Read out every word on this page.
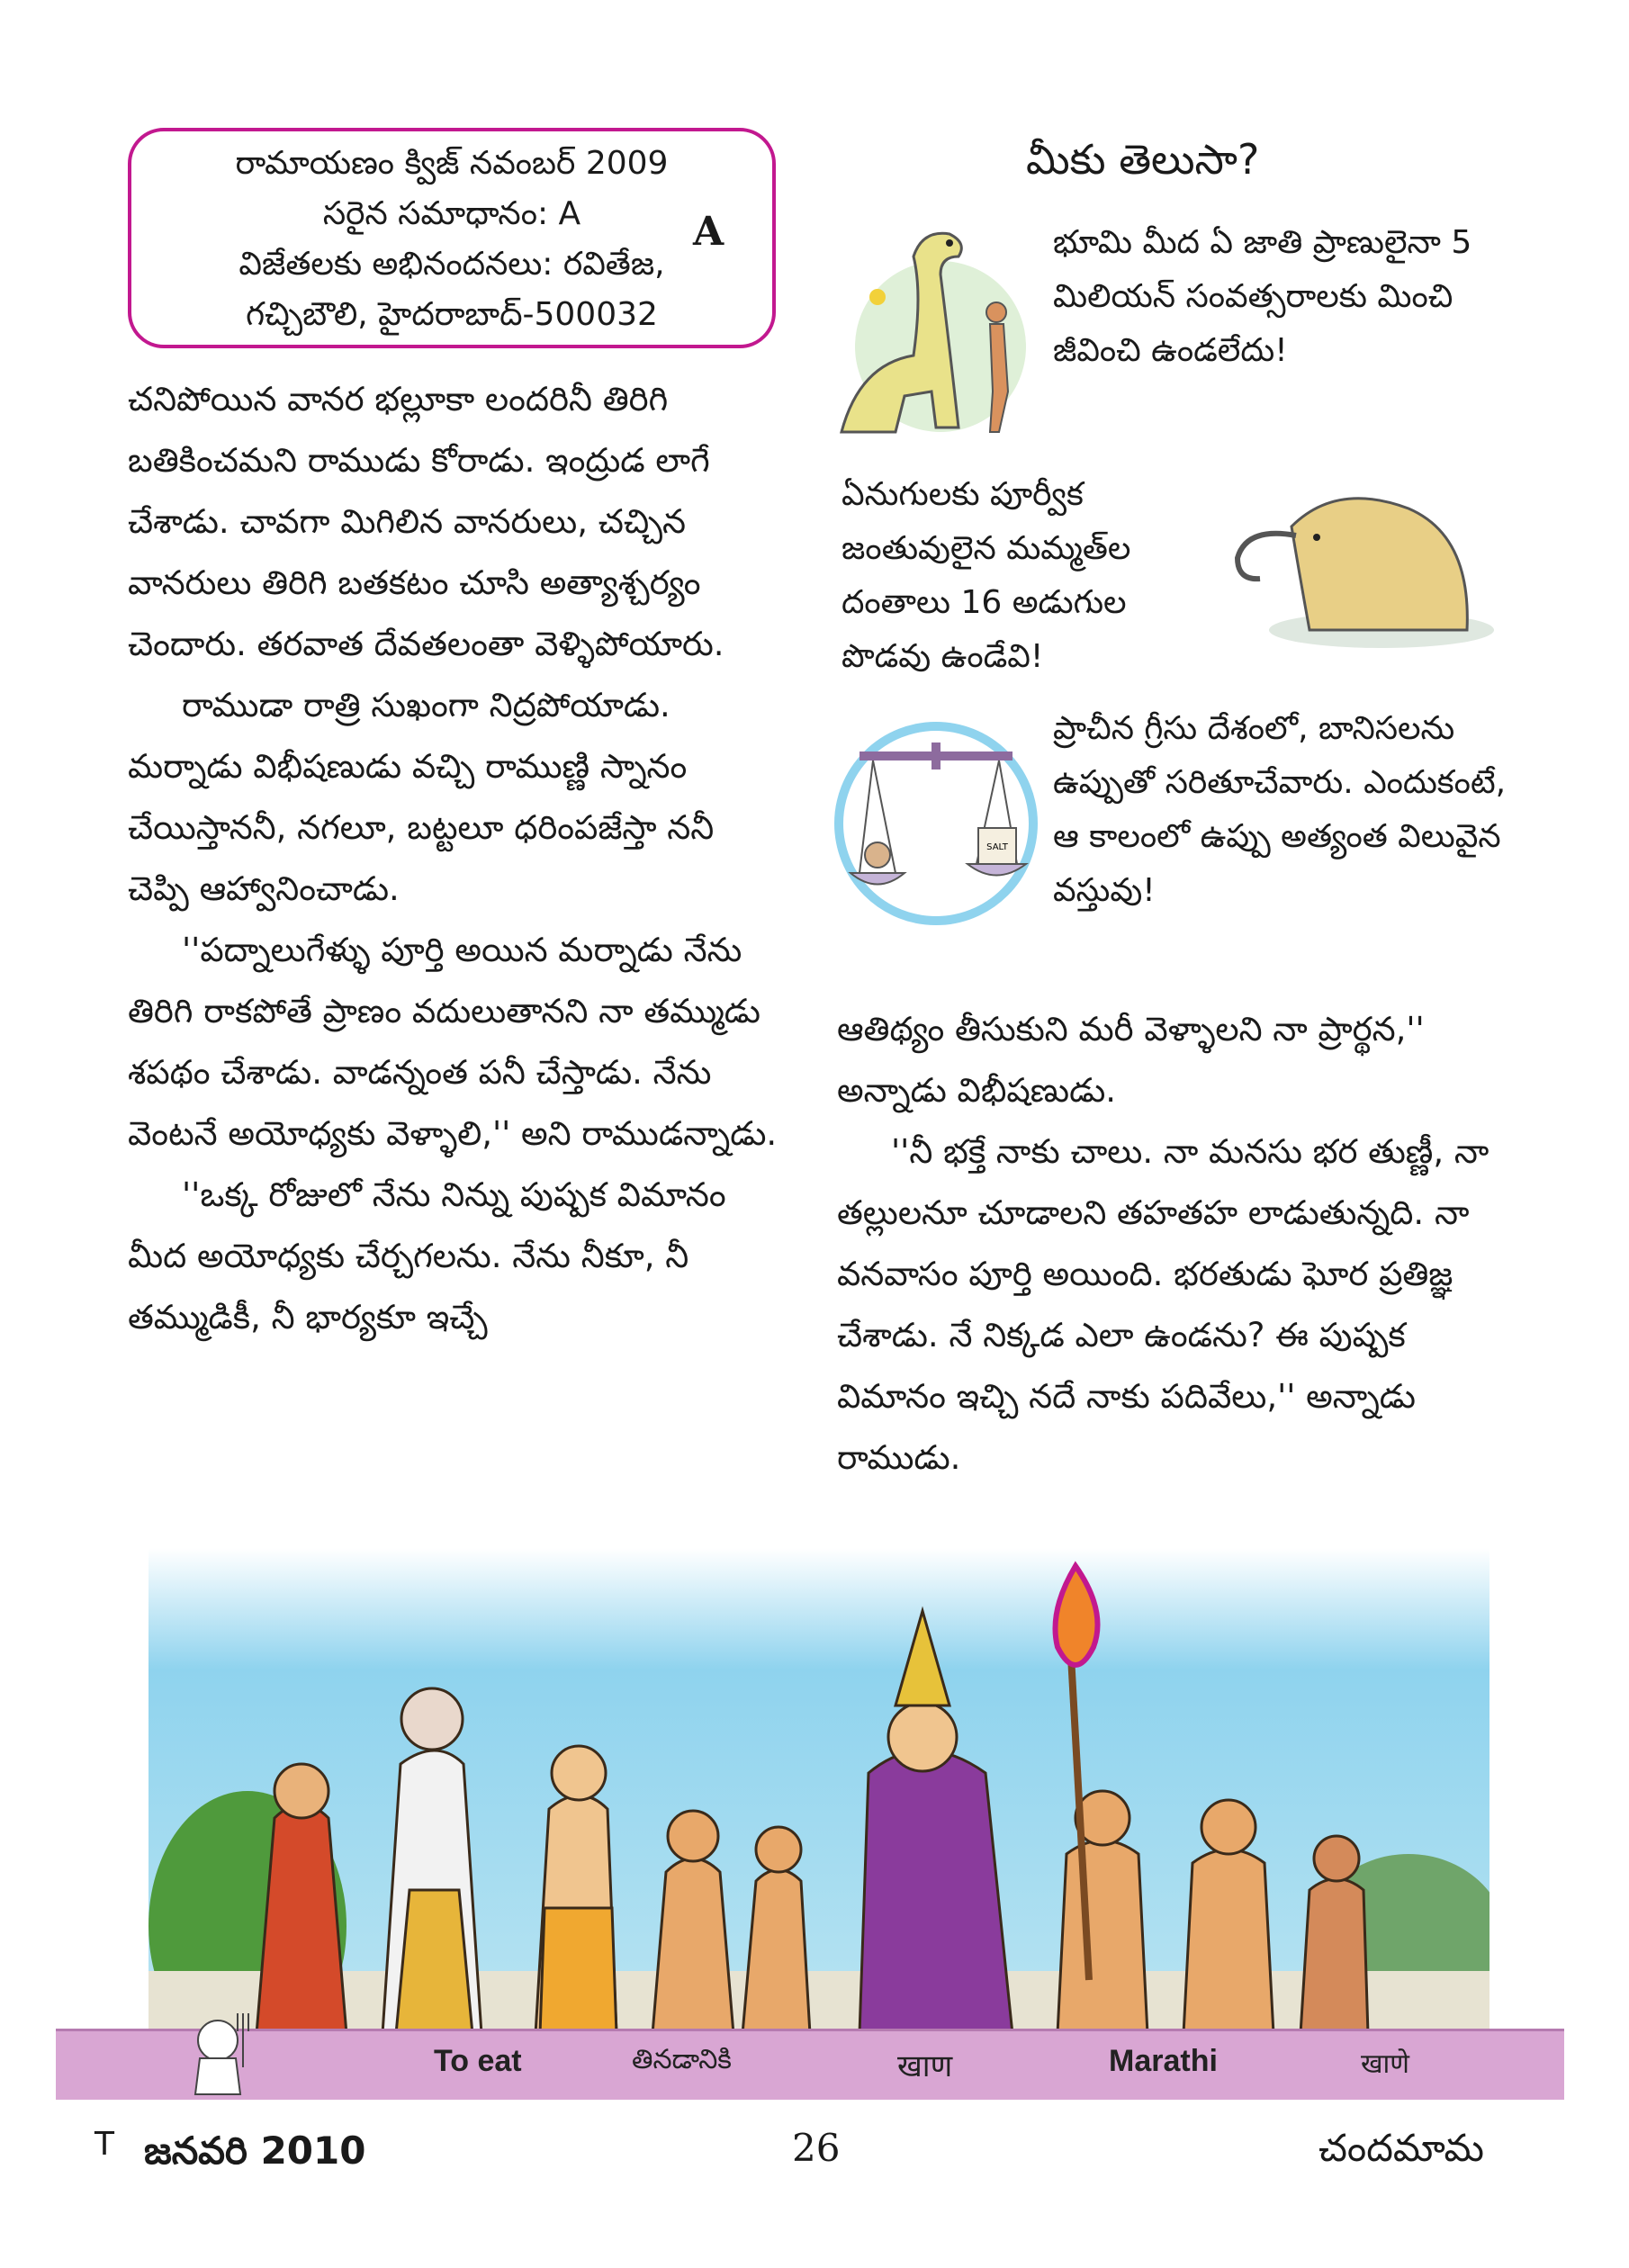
రామాయణం క్విజ్ నవంబర్ 2009
సరైన సమాధానం: A
విజేతలకు అభినందనలు: రవితేజ,
గచ్చిబౌలి, హైదరాబాద్-500032
A

చనిపోయిన వానర భల్లూకా లందరినీ తిరిగి బతికించమని రాముడు కోరాడు. ఇంద్రుడ లాగే చేశాడు. చావగా మిగిలిన వానరులు, చచ్చిన వానరులు తిరిగి బతకటం చూసి అత్యాశ్చర్యం చెందారు. తరవాత దేవతలంతా వెళ్ళిపోయారు.

రాముడా రాత్రి సుఖంగా నిద్రపోయాడు. మర్నాడు విభీషణుడు వచ్చి రాముణ్ణి స్నానం చేయిస్తాననీ, నగలూ, బట్టలూ ధరింపజేస్తా ననీ చెప్పి ఆహ్వానించాడు.

''పద్నాలుగేళ్ళు పూర్తి అయిన మర్నాడు నేను తిరిగి రాకపోతే ప్రాణం వదులుతానని నా తమ్ముడు శపథం చేశాడు. వాడన్నంత పనీ చేస్తాడు. నేను వెంటనే అయోధ్యకు వెళ్ళాలి,'' అని రాముడన్నాడు.

''ఒక్క రోజులో నేను నిన్ను పుష్పక విమానం మీద అయోధ్యకు చేర్చగలను. నేను నీకూ, నీ తమ్ముడికీ, నీ భార్యకూ ఇచ్చే

మీకు తెలుసా?
భూమి మీద ఏ జాతి ప్రాణులైనా 5 మిలియన్ సంవత్సరాలకు మించి జీవించి ఉండలేదు!
ఏనుగులకు పూర్వీక జంతువులైన మమ్మత్‌ల దంతాలు 16 అడుగుల పొడవు ఉండేవి!
SALT
ప్రాచీన గ్రీసు దేశంలో, బానిసలను ఉప్పుతో సరితూచేవారు. ఎందుకంటే, ఆ కాలంలో ఉప్పు అత్యంత విలువైన వస్తువు!

ఆతిథ్యం తీసుకుని మరీ వెళ్ళాలని నా ప్రార్థన,'' అన్నాడు విభీషణుడు.

''నీ భక్తే నాకు చాలు. నా మనసు భర తుణ్ణీ, నా తల్లులనూ చూడాలని తహతహ లాడుతున్నది. నా వనవాసం పూర్తి అయింది. భరతుడు ఘోర ప్రతిజ్ఞ చేశాడు. నే నిక్కడ ఎలా ఉండను? ఈ పుష్పక విమానం ఇచ్చి నదే నాకు పదివేలు,'' అన్నాడు రాముడు.

To eat	తినడానికి	खाण	Marathi	खाणे
T జనవరి 2010	26	చందమామ
